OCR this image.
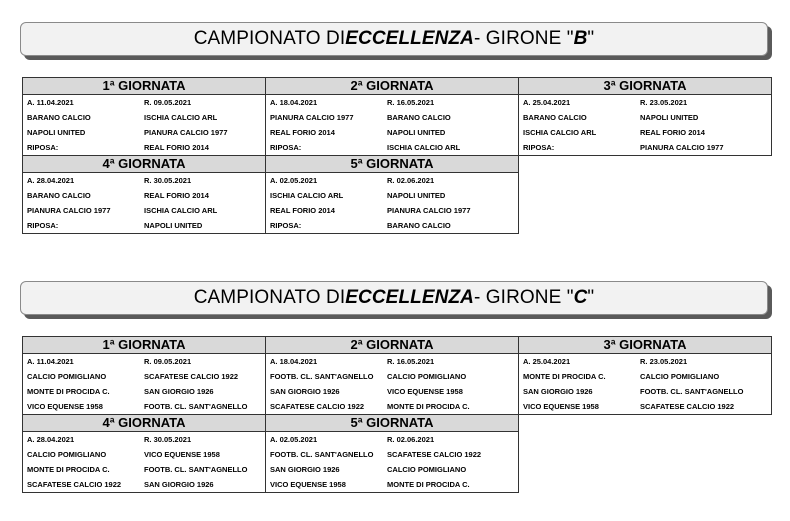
CAMPIONATO DI ECCELLENZA - GIRONE " B "
1ª GIORNATA
A. 11.04.2021	R. 09.05.2021
BARANO CALCIO	ISCHIA CALCIO ARL
NAPOLI UNITED	PIANURA CALCIO 1977
RIPOSA:	REAL FORIO 2014
2ª GIORNATA
A. 18.04.2021	R. 16.05.2021
PIANURA CALCIO 1977	BARANO CALCIO
REAL FORIO 2014	NAPOLI UNITED
RIPOSA:	ISCHIA CALCIO ARL
3ª GIORNATA
A. 25.04.2021	R. 23.05.2021
BARANO CALCIO	NAPOLI UNITED
ISCHIA CALCIO ARL	REAL FORIO 2014
RIPOSA:	PIANURA CALCIO 1977
4ª GIORNATA
A. 28.04.2021	R. 30.05.2021
BARANO CALCIO	REAL FORIO 2014
PIANURA CALCIO 1977	ISCHIA CALCIO ARL
RIPOSA:	NAPOLI UNITED
5ª GIORNATA
A. 02.05.2021	R. 02.06.2021
ISCHIA CALCIO ARL	NAPOLI UNITED
REAL FORIO 2014	PIANURA CALCIO 1977
RIPOSA:	BARANO CALCIO
CAMPIONATO DI ECCELLENZA - GIRONE " C "
1ª GIORNATA
A. 11.04.2021	R. 09.05.2021
CALCIO POMIGLIANO	SCAFATESE CALCIO 1922
MONTE DI PROCIDA C.	SAN GIORGIO 1926
VICO EQUENSE 1958	FOOTB. CL. SANT'AGNELLO
2ª GIORNATA
A. 18.04.2021	R. 16.05.2021
FOOTB. CL. SANT'AGNELLO	CALCIO POMIGLIANO
SAN GIORGIO 1926	VICO EQUENSE 1958
SCAFATESE CALCIO 1922	MONTE DI PROCIDA C.
3ª GIORNATA
A. 25.04.2021	R. 23.05.2021
MONTE DI PROCIDA C.	CALCIO POMIGLIANO
SAN GIORGIO 1926	FOOTB. CL. SANT'AGNELLO
VICO EQUENSE 1958	SCAFATESE CALCIO 1922
4ª GIORNATA
A. 28.04.2021	R. 30.05.2021
CALCIO POMIGLIANO	VICO EQUENSE 1958
MONTE DI PROCIDA C.	FOOTB. CL. SANT'AGNELLO
SCAFATESE CALCIO 1922	SAN GIORGIO 1926
5ª GIORNATA
A. 02.05.2021	R. 02.06.2021
FOOTB. CL. SANT'AGNELLO	SCAFATESE CALCIO 1922
SAN GIORGIO 1926	CALCIO POMIGLIANO
VICO EQUENSE 1958	MONTE DI PROCIDA C.
